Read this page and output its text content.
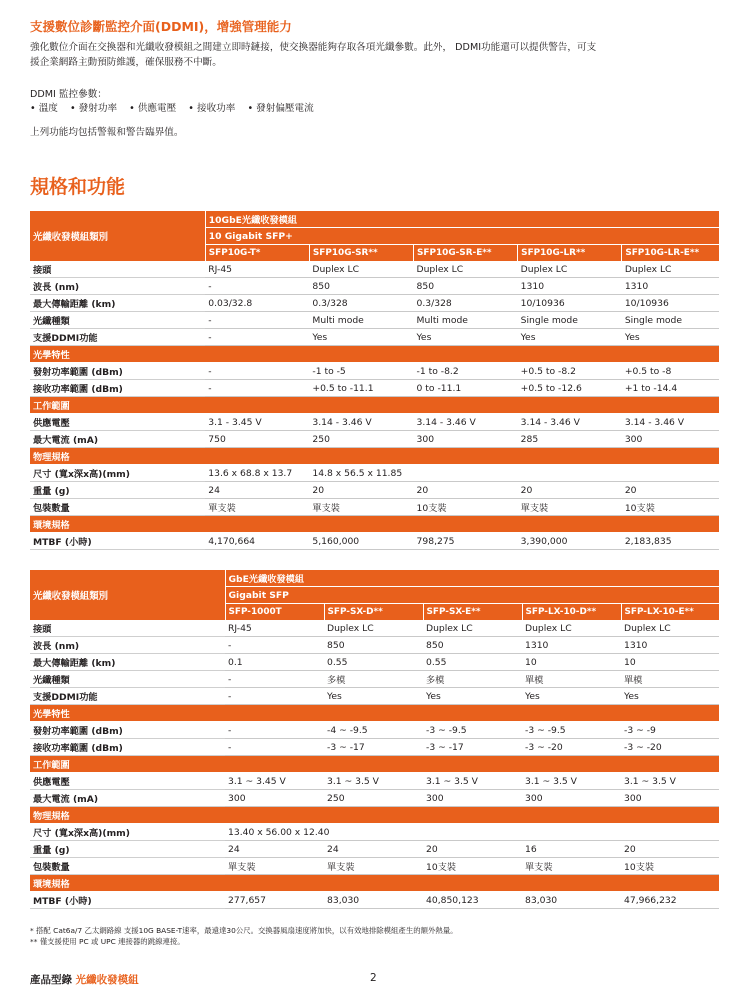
支援數位診斷監控介面(DDMI)，增強管理能力
強化數位介面在交換器和光纖收發模組之間建立即時鏈接，使交換器能夠存取各項光纖參數。此外， DDMI功能還可以提供警告，可支
援企業網路主動預防維護，確保服務不中斷。
DDMI 監控參數：
• 溫度 • 發射功率 • 供應電壓 • 接收功率 • 發射偏壓電流
上列功能均包括警報和警告臨界值。
規格和功能
光纖收發模組類別	10GbE光纖收發模組				
	10 Gigabit SFP+				
	SFP10G-T*	SFP10G-SR**	SFP10G-SR-E**	SFP10G-LR**	SFP10G-LR-E**
接頭	RJ-45	Duplex LC	Duplex LC	Duplex LC	Duplex LC
波長 (nm)	-	850	850	1310	1310
最大傳輸距離 (km)	0.03/32.8	0.3/328	0.3/328	10/10936	10/10936
光纖種類	-	Multi mode	Multi mode	Single mode	Single mode
支援DDMI功能	-	Yes	Yes	Yes	Yes
光學特性					
發射功率範圍 (dBm)	-	-1 to -5	-1 to -8.2	+0.5 to -8.2	+0.5 to -8
接收功率範圍 (dBm)	-	+0.5 to -11.1	0 to -11.1	+0.5 to -12.6	+1 to -14.4
工作範圍					
供應電壓	3.1 - 3.45 V	3.14 - 3.46 V	3.14 - 3.46 V	3.14 - 3.46 V	3.14 - 3.46 V
最大電流 (mA)	750	250	300	285	300
物理規格					
尺寸 (寬x深x高)(mm)	13.6 x 68.8 x 13.7	14.8 x 56.5 x 11.85			
重量 (g)	24	20	20	20	20
包裝數量	單支裝	單支裝	10支裝	單支裝	10支裝
環境規格					
MTBF (小時)	4,170,664	5,160,000	798,275	3,390,000	2,183,835
光纖收發模組類別	GbE光纖收發模組				
	Gigabit SFP				
	SFP-1000T	SFP-SX-D**	SFP-SX-E**	SFP-LX-10-D**	SFP-LX-10-E**
接頭	RJ-45	Duplex LC	Duplex LC	Duplex LC	Duplex LC
波長 (nm)	-	850	850	1310	1310
最大傳輸距離 (km)	0.1	0.55	0.55	10	10
光纖種類	-	多模	多模	單模	單模
支援DDMI功能	-	Yes	Yes	Yes	Yes
光學特性					
發射功率範圍 (dBm)	-	-4 ~ -9.5	-3 ~ -9.5	-3 ~ -9.5	-3 ~ -9
接收功率範圍 (dBm)	-	-3 ~ -17	-3 ~ -17	-3 ~ -20	-3 ~ -20
工作範圍					
供應電壓	3.1 ~ 3.45 V	3.1 ~ 3.5 V	3.1 ~ 3.5 V	3.1 ~ 3.5 V	3.1 ~ 3.5 V
最大電流 (mA)	300	250	300	300	300
物理規格					
尺寸 (寬x深x高)(mm)	13.40 x 56.00 x 12.40				
重量 (g)	24	24	20	16	20
包裝數量	單支裝	單支裝	10支裝	單支裝	10支裝
環境規格					
MTBF (小時)	277,657	83,030	40,850,123	83,030	47,966,232
* 搭配 Cat6a/7 乙太網路線 支援10G BASE-T速率，最遠達30公尺。交換器風扇速度將加快，以有效地排除模組產生的額外熱量。
** 僅支援使用 PC 或 UPC 連接器的跳線連接。
產品型錄 光纖收發模組	2
